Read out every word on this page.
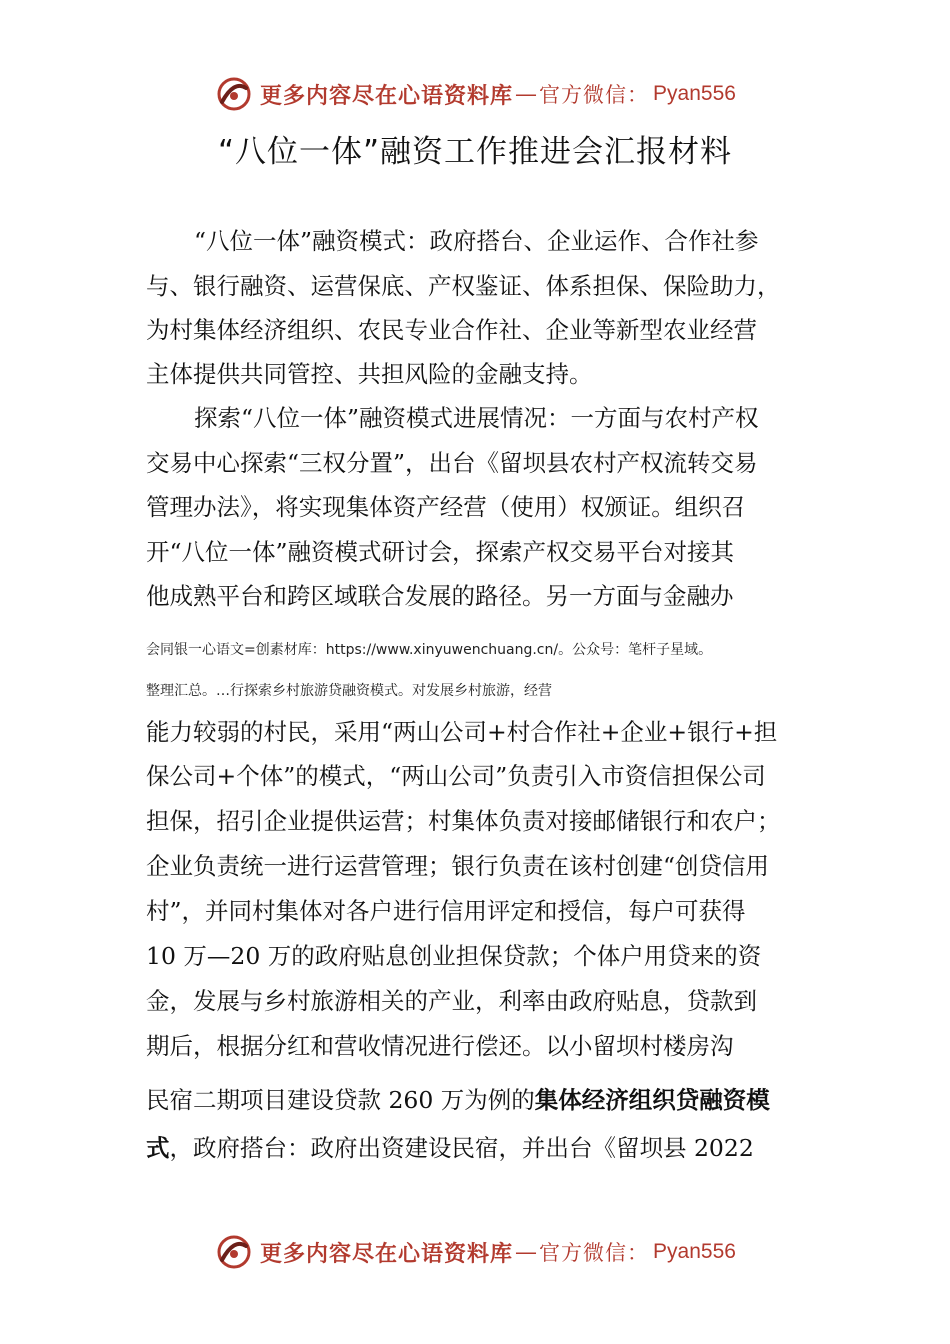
更多内容尽在心语资料库 — 官方微信： Pyan556
“八位一体”融资工作推进会汇报材料
“八位一体”融资模式：政府搭台、企业运作、合作社参
与、银行融资、运营保底、产权鉴证、体系担保、保险助力，
为村集体经济组织、农民专业合作社、企业等新型农业经营
主体提供共同管控、共担风险的金融支持。
探索“八位一体”融资模式进展情况：一方面与农村产权
交易中心探索“三权分置”，出台《留坝县农村产权流转交易
管理办法》，将实现集体资产经营（使用）权颁证。组织召
开“八位一体”融资模式研讨会，探索产权交易平台对接其
他成熟平台和跨区域联合发展的路径。另一方面与金融办
会同银一心语文=创素材库：https://www.xinyuwenchuang.cn/。公众号：笔杆子星域。
整理汇总。…行探索乡村旅游贷融资模式。对发展乡村旅游，经营
能力较弱的村民，采用“两山公司+村合作社+企业+银行+担
保公司+个体”的模式，“两山公司”负责引入市资信担保公司
担保，招引企业提供运营；村集体负责对接邮储银行和农户；
企业负责统一进行运营管理；银行负责在该村创建“创贷信用
村”，并同村集体对各户进行信用评定和授信，每户可获得
10 万—20 万的政府贴息创业担保贷款；个体户用贷来的资
金，发展与乡村旅游相关的产业，利率由政府贴息，贷款到
期后，根据分红和营收情况进行偿还。以小留坝村楼房沟
民宿二期项目建设贷款 260 万为例的集体经济组织贷融资模
式，政府搭台：政府出资建设民宿，并出台《留坝县 2022
更多内容尽在心语资料库 — 官方微信： Pyan556
